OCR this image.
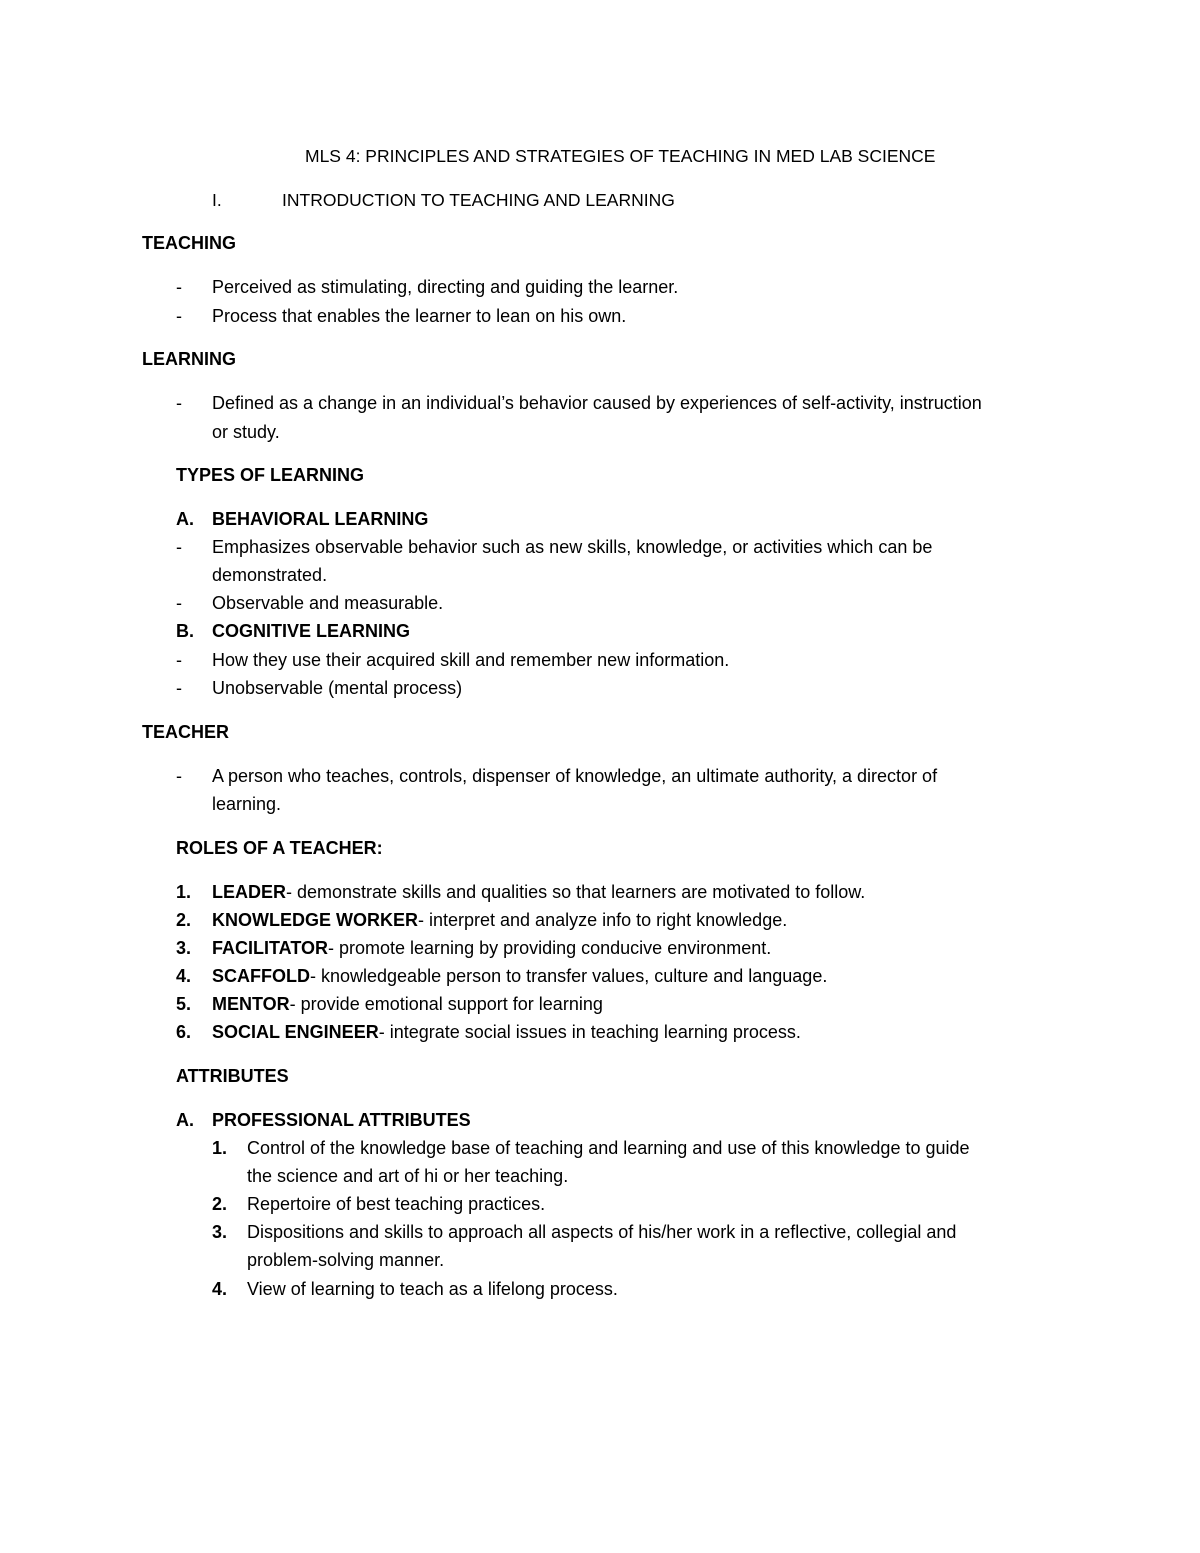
MLS 4: PRINCIPLES AND STRATEGIES OF TEACHING IN MED LAB SCIENCE
I.	INTRODUCTION TO TEACHING AND LEARNING
TEACHING
- Perceived as stimulating, directing and guiding the learner.
- Process that enables the learner to lean on his own.
LEARNING
- Defined as a change in an individual’s behavior caused by experiences of self-activity, instruction
or study.
TYPES OF LEARNING
A. BEHAVIORAL LEARNING
- Emphasizes observable behavior such as new skills, knowledge, or activities which can be
demonstrated.
- Observable and measurable.
B. COGNITIVE LEARNING
- How they use their acquired skill and remember new information.
- Unobservable (mental process)
TEACHER
- A person who teaches, controls, dispenser of knowledge, an ultimate authority, a director of
learning.
ROLES OF A TEACHER:
1. LEADER- demonstrate skills and qualities so that learners are motivated to follow.
2. KNOWLEDGE WORKER- interpret and analyze info to right knowledge.
3. FACILITATOR- promote learning by providing conducive environment.
4. SCAFFOLD- knowledgeable person to transfer values, culture and language.
5. MENTOR- provide emotional support for learning
6. SOCIAL ENGINEER- integrate social issues in teaching learning process.
ATTRIBUTES
A. PROFESSIONAL ATTRIBUTES
1. Control of the knowledge base of teaching and learning and use of this knowledge to guide
the science and art of hi or her teaching.
2. Repertoire of best teaching practices.
3. Dispositions and skills to approach all aspects of his/her work in a reflective, collegial and
problem-solving manner.
4. View of learning to teach as a lifelong process.
